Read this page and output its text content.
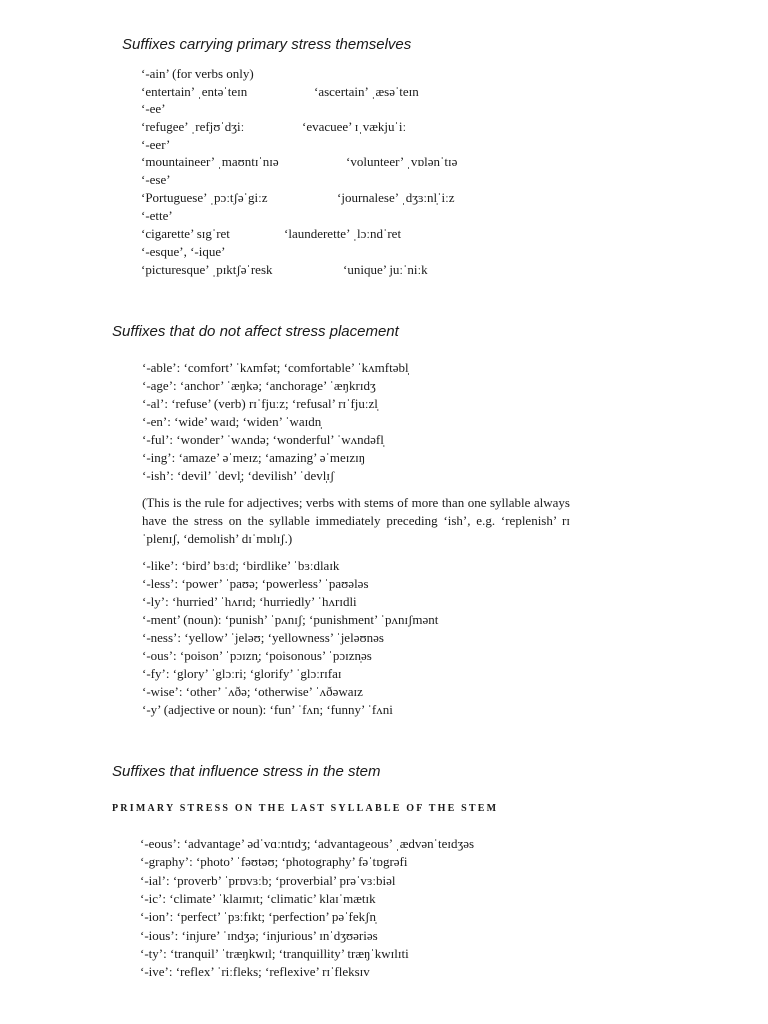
Suffixes carrying primary stress themselves

‘-ain’ (for verbs only)

‘entertain’ ˌentəˈteɪn	‘ascertain’ ˌæsəˈteɪn

‘-ee’

‘refugee’ ˌrefjʊˈdʒiː	‘evacuee’ ɪˌvækjuˈiː

‘-eer’

‘mountaineer’ ˌmaʊntɪˈnɪə	‘volunteer’ ˌvɒlənˈtɪə

‘-ese’

‘Portuguese’ ˌpɔːtʃəˈgiːz	‘journalese’ ˌdʒɜːnl̩ˈiːz

‘-ette’

‘cigarette’ sɪgˈret	‘launderette’ ˌlɔːndˈret

‘-esque’, ‘-ique’

‘picturesque’ ˌpɪktʃəˈresk	‘unique’ juːˈniːk

Suffixes that do not affect stress placement

‘-able’: ‘comfort’ ˈkʌmfət; ‘comfortable’ ˈkʌmftəbl̩

‘-age’: ‘anchor’ ˈæŋkə; ‘anchorage’ ˈæŋkrɪdʒ

‘-al’: ‘refuse’ (verb) rɪˈfjuːz; ‘refusal’ rɪˈfjuːzl̩

‘-en’: ‘wide’ waɪd; ‘widen’ ˈwaɪdn̩

‘-ful’: ‘wonder’ ˈwʌndə; ‘wonderful’ ˈwʌndəfl̩

‘-ing’: ‘amaze’ əˈmeɪz; ‘amazing’ əˈmeɪzɪŋ

‘-ish’: ‘devil’ ˈdevl̩; ‘devilish’ ˈdevl̩ɪʃ

(This is the rule for adjectives; verbs with stems of more than one syllable always have the stress on the syllable immediately preceding ‘ish’, e.g. ‘replenish’ rɪˈplenɪʃ, ‘demolish’ dɪˈmɒlɪʃ.)

‘-like’: ‘bird’ bɜːd; ‘birdlike’ ˈbɜːdlaɪk

‘-less’: ‘power’ ˈpaʊə; ‘powerless’ ˈpaʊələs

‘-ly’: ‘hurried’ ˈhʌrɪd; ‘hurriedly’ ˈhʌrɪdli

‘-ment’ (noun): ‘punish’ ˈpʌnɪʃ; ‘punishment’ ˈpʌnɪʃmənt

‘-ness’: ‘yellow’ ˈjeləʊ; ‘yellowness’ ˈjeləʊnəs

‘-ous’: ‘poison’ ˈpɔɪzn̩; ‘poisonous’ ˈpɔɪzn̩əs

‘-fy’: ‘glory’ ˈglɔːri; ‘glorify’ ˈglɔːrɪfaɪ

‘-wise’: ‘other’ ˈʌðə; ‘otherwise’ ˈʌðəwaɪz

‘-y’ (adjective or noun): ‘fun’ ˈfʌn; ‘funny’ ˈfʌni

Suffixes that influence stress in the stem
PRIMARY STRESS ON THE LAST SYLLABLE OF THE STEM

‘-eous’: ‘advantage’ ədˈvɑːntɪdʒ; ‘advantageous’ ˌædvənˈteɪdʒəs

‘-graphy’: ‘photo’ ˈfəʊtəʊ; ‘photography’ fəˈtɒgrəfi

‘-ial’: ‘proverb’ ˈprɒvɜːb; ‘proverbial’ prəˈvɜːbiəl

‘-ic’: ‘climate’ ˈklaɪmɪt; ‘climatic’ klaɪˈmætɪk

‘-ion’: ‘perfect’ ˈpɜːfɪkt; ‘perfection’ pəˈfekʃn̩

‘-ious’: ‘injure’ ˈɪndʒə; ‘injurious’ ɪnˈdʒʊəriəs

‘-ty’: ‘tranquil’ ˈtræŋkwɪl; ‘tranquillity’ træŋˈkwɪlɪti

‘-ive’: ‘reflex’ ˈriːfleks; ‘reflexive’ rɪˈfleksɪv
